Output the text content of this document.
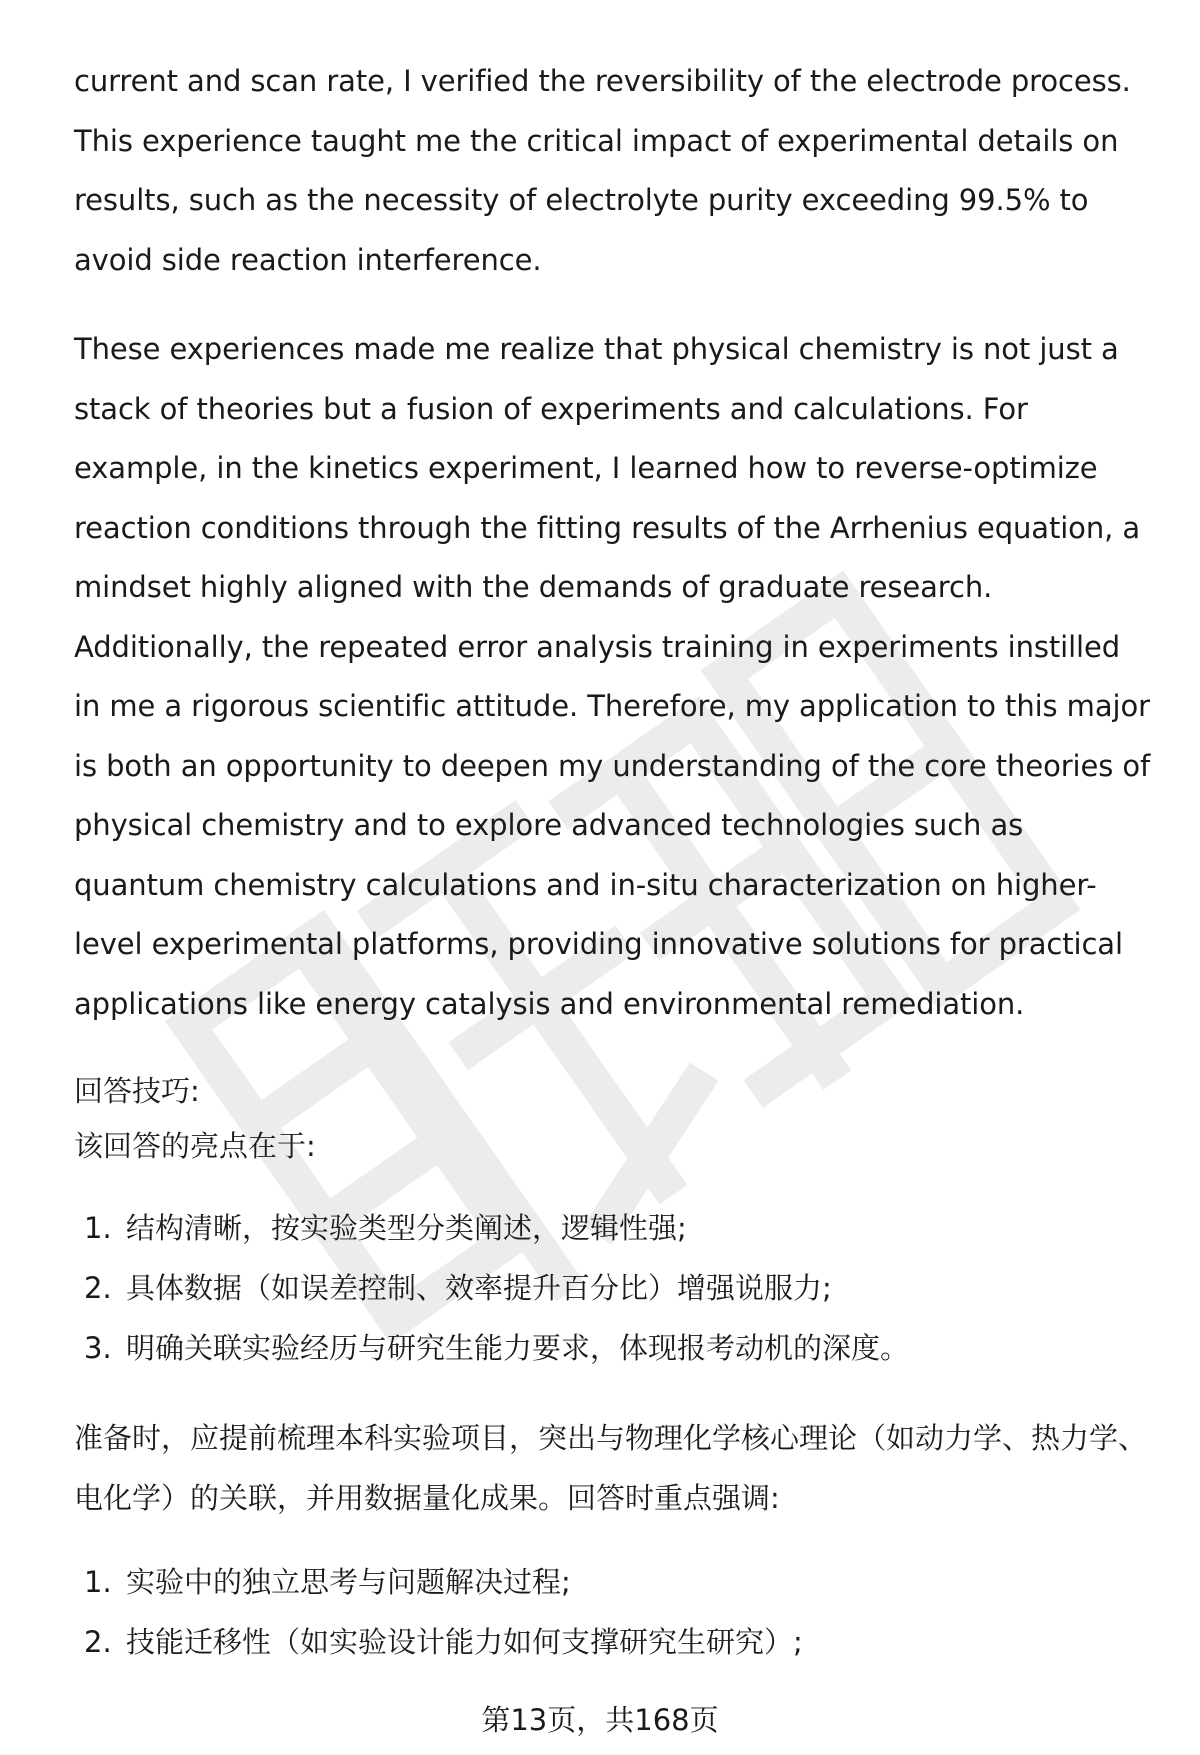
current and scan rate, I verified the reversibility of the electrode process. This experience taught me the critical impact of experimental details on results, such as the necessity of electrolyte purity exceeding 99.5% to avoid side reaction interference.

These experiences made me realize that physical chemistry is not just a stack of theories but a fusion of experiments and calculations. For example, in the kinetics experiment, I learned how to reverse-optimize reaction conditions through the fitting results of the Arrhenius equation, a mindset highly aligned with the demands of graduate research. Additionally, the repeated error analysis training in experiments instilled in me a rigorous scientific attitude. Therefore, my application to this major is both an opportunity to deepen my understanding of the core theories of physical chemistry and to explore advanced technologies such as quantum chemistry calculations and in-situ characterization on higher-level experimental platforms, providing innovative solutions for practical applications like energy catalysis and environmental remediation.

回答技巧:

该回答的亮点在于:

1. 结构清晰，按实验类型分类阐述，逻辑性强;
2. 具体数据（如误差控制、效率提升百分比）增强说服力;
3. 明确关联实验经历与研究生能力要求，体现报考动机的深度。

准备时，应提前梳理本科实验项目，突出与物理化学核心理论（如动力学、热力学、电化学）的关联，并用数据量化成果。回答时重点强调:

1. 实验中的独立思考与问题解决过程;
2. 技能迁移性（如实验设计能力如何支撑研究生研究）;
第13页，共168页
